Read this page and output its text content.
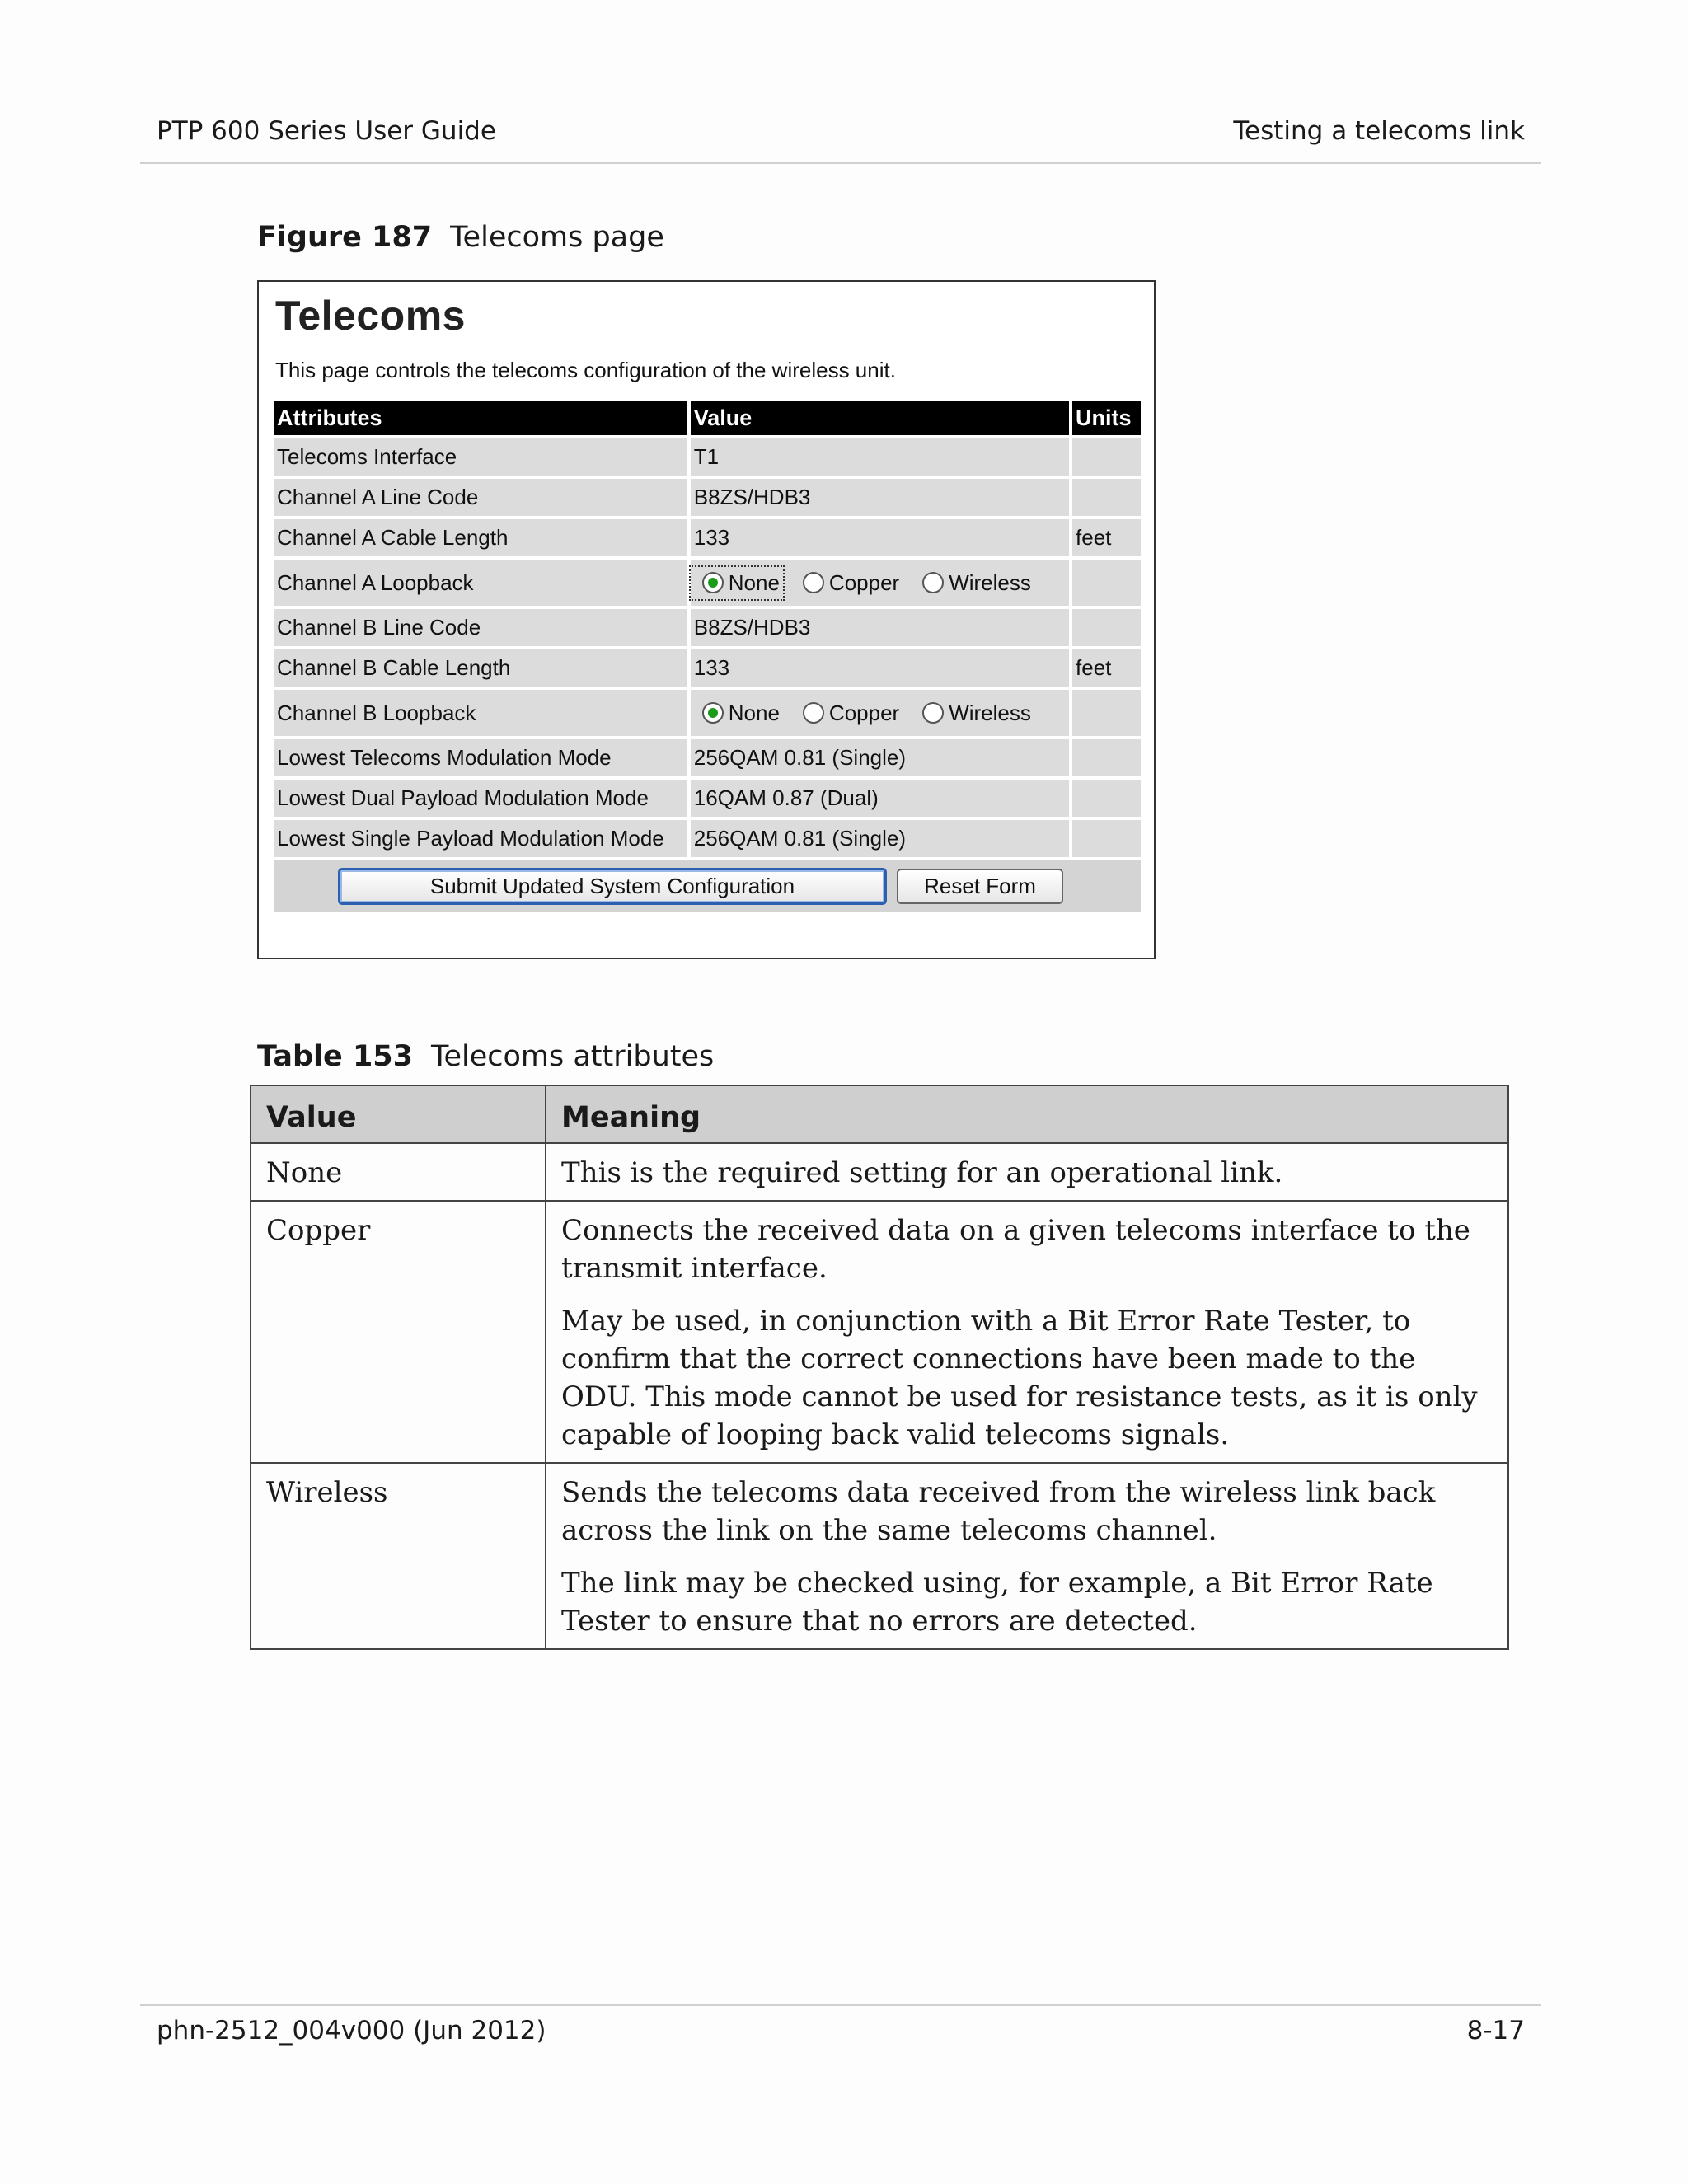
PTP 600 Series User Guide	Testing a telecoms link
Figure 187 Telecoms page
Telecoms
This page controls the telecoms configuration of the wireless unit.
Attributes	Value	Units
Telecoms Interface	T1	
Channel A Line Code	B8ZS/HDB3	
Channel A Cable Length	133	feet
Channel A Loopback	None Copper Wireless	

Channel B Line Code	B8ZS/HDB3	
Channel B Cable Length	133	feet
Channel B Loopback	None Copper Wireless	

Lowest Telecoms Modulation Mode	256QAM 0.81 (Single)	
Lowest Dual Payload Modulation Mode	16QAM 0.87 (Dual)	
Lowest Single Payload Modulation Mode	256QAM 0.81 (Single)	
Submit Updated System Configuration Reset Form		
Table 153 Telecoms attributes
Value	Meaning
None	This is the required setting for an operational link.

Copper	Connects the received data on a given telecoms interface to the transmit interface.

May be used, in conjunction with a Bit Error Rate Tester, to confirm that the correct connections have been made to the ODU. This mode cannot be used for resistance tests, as it is only capable of looping back valid telecoms signals.

Wireless	Sends the telecoms data received from the wireless link back across the link on the same telecoms channel.

The link may be checked using, for example, a Bit Error Rate Tester to ensure that no errors are detected.

phn-2512_004v000 (Jun 2012)	8-17
